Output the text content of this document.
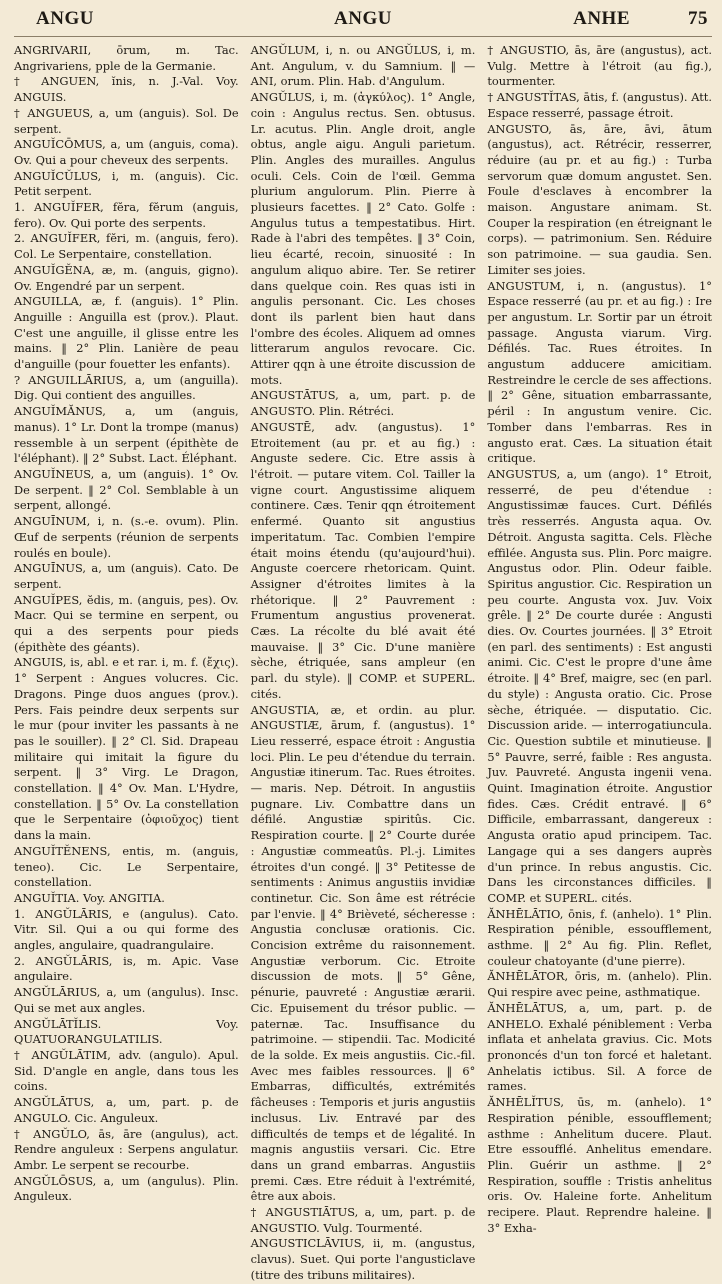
ANGU	ANGU	ANHE	75
ANGRIVARII, ōrum, m. Tac. Angrivariens, pple de la Germanie.
† ANGUEN, ĭnis, n. J.-Val. Voy. ANGUIS.
† ANGUEUS, a, um (anguis). Sol. De serpent.
ANGUĬCŌMUS, a, um (anguis, coma). Ov. Qui a pour cheveux des serpents.
ANGUĬCŬLUS, i, m. (anguis). Cic. Petit serpent.
1. ANGUĬFER, fĕra, fĕrum (anguis, fero). Ov. Qui porte des serpents.
2. ANGUĬFER, fĕri, m. (anguis, fero). Col. Le Serpentaire, constellation.
ANGUĬGĔNA, æ, m. (anguis, gigno). Ov. Engendré par un serpent.
ANGUILLA, æ, f. (anguis). 1° Plin. Anguille : Anguilla est (prov.). Plaut. C'est une anguille, il glisse entre les mains. ‖ 2° Plin. Lanière de peau d'anguille (pour fouetter les enfants).
? ANGUILLĀRIUS, a, um (anguilla). Dig. Qui contient des anguilles.
ANGUĬMĂNUS, a, um (anguis, manus). 1° Lr. Dont la trompe (manus) ressemble à un serpent (épithète de l'éléphant). ‖ 2° Subst. Lact. Éléphant.
ANGUĬNEUS, a, um (anguis). 1° Ov. De serpent. ‖ 2° Col. Semblable à un serpent, allongé.
ANGUĪNUM, i, n. (s.-e. ovum). Plin. Œuf de serpents (réunion de serpents roulés en boule).
ANGUĪNUS, a, um (anguis). Cato. De serpent.
ANGUĬPES, ĕdis, m. (anguis, pes). Ov. Macr. Qui se termine en serpent, ou qui a des serpents pour pieds (épithète des géants).
ANGUIS, is, abl. e et rar. i, m. f. (ἔχις). 1° Serpent : Angues volucres. Cic. Dragons. Pinge duos angues (prov.). Pers. Fais peindre deux serpents sur le mur (pour inviter les passants à ne pas le souiller). ‖ 2° Cl. Sid. Drapeau militaire qui imitait la figure du serpent. ‖ 3° Virg. Le Dragon, constellation. ‖ 4° Ov. Man. L'Hydre, constellation. ‖ 5° Ov. La constellation que le Serpentaire (ὀφιοῦχος) tient dans la main.
ANGUĬTĔNENS, entis, m. (anguis, teneo). Cic. Le Serpentaire, constellation.
ANGUĬTIA. Voy. ANGITIA.
1. ANGŬLĀRIS, e (angulus). Cato. Vitr. Sil. Qui a ou qui forme des angles, angulaire, quadrangulaire.
2. ANGŬLĀRIS, is, m. Apic. Vase angulaire.
ANGŬLĀRIUS, a, um (angulus). Insc. Qui se met aux angles.
ANGŬLĀTĬLIS. Voy. QUATUORANGULATILIS.
† ANGŬLĀTIM, adv. (angulo). Apul. Sid. D'angle en angle, dans tous les coins.
ANGŬLĀTUS, a, um, part. p. de ANGULO. Cic. Anguleux.
† ANGŬLO, ās, āre (angulus), act. Rendre anguleux : Serpens angulatur. Ambr. Le serpent se recourbe.
ANGŬLŌSUS, a, um (angulus). Plin. Anguleux.
ANGŬLUM, i, n. ou ANGŬLUS, i, m. Ant. Angulum, v. du Samnium. ‖ — ANI, orum. Plin. Hab. d'Angulum.
ANGŬLUS, i, m. (ἀγκύλος). 1° Angle, coin : Angulus rectus. Sen. obtusus. Lr. acutus. Plin. Angle droit, angle obtus, angle aigu. Anguli parietum. Plin. Angles des murailles. Angulus oculi. Cels. Coin de l'œil. Gemma plurium angulorum. Plin. Pierre à plusieurs facettes. ‖ 2° Cato. Golfe : Angulus tutus a tempestatibus. Hirt. Rade à l'abri des tempêtes. ‖ 3° Coin, lieu écarté, recoin, sinuosité : In angulum aliquo abire. Ter. Se retirer dans quelque coin. Res quas isti in angulis personant. Cic. Les choses dont ils parlent bien haut dans l'ombre des écoles. Aliquem ad omnes litterarum angulos revocare. Cic. Attirer qqn à une étroite discussion de mots.
ANGUSTĀTUS, a, um, part. p. de ANGUSTO. Plin. Rétréci.
ANGUSTĒ, adv. (angustus). 1° Etroitement (au pr. et au fig.) : Anguste sedere. Cic. Etre assis à l'étroit. — putare vitem. Col. Tailler la vigne court. Angustissime aliquem continere. Cæs. Tenir qqn étroitement enfermé. Quanto sit angustius imperitatum. Tac. Combien l'empire était moins étendu (qu'aujourd'hui). Anguste coercere rhetoricam. Quint. Assigner d'étroites limites à la rhétorique. ‖ 2° Pauvrement : Frumentum angustius provenerat. Cæs. La récolte du blé avait été mauvaise. ‖ 3° Cic. D'une manière sèche, étriquée, sans ampleur (en parl. du style). ‖ COMP. et SUPERL. cités.
ANGUSTIA, æ, et ordin. au plur. ANGUSTIÆ, ārum, f. (angustus). 1° Lieu resserré, espace étroit : Angustia loci. Plin. Le peu d'étendue du terrain. Angustiæ itinerum. Tac. Rues étroites. — maris. Nep. Détroit. In angustiis pugnare. Liv. Combattre dans un défilé. Angustiæ spiritûs. Cic. Respiration courte. ‖ 2° Courte durée : Angustiæ commeatûs. Pl.-j. Limites étroites d'un congé. ‖ 3° Petitesse de sentiments : Animus angustiis invidiæ continetur. Cic. Son âme est rétrécie par l'envie. ‖ 4° Brièveté, sécheresse : Angustia conclusæ orationis. Cic. Concision extrême du raisonnement. Angustiæ verborum. Cic. Etroite discussion de mots. ‖ 5° Gêne, pénurie, pauvreté : Angustiæ ærarii. Cic. Epuisement du trésor public. — paternæ. Tac. Insuffisance du patrimoine. — stipendii. Tac. Modicité de la solde. Ex meis angustiis. Cic.-fil. Avec mes faibles ressources. ‖ 6° Embarras, difficultés, extrémités fâcheuses : Temporis et juris angustiis inclusus. Liv. Entravé par des difficultés de temps et de légalité. In magnis angustiis versari. Cic. Etre dans un grand embarras. Angustiis premi. Cæs. Etre réduit à l'extrémité, être aux abois.
† ANGUSTIĀTUS, a, um, part. p. de ANGUSTIO. Vulg. Tourmenté.
ANGUSTICLĀVIUS, ii, m. (angustus, clavus). Suet. Qui porte l'angusticlave (titre des tribuns militaires).
† ANGUSTIO, ās, āre (angustus), act. Vulg. Mettre à l'étroit (au fig.), tourmenter.
† ANGUSTĬTAS, ātis, f. (angustus). Att. Espace resserré, passage étroit.
ANGUSTO, ās, āre, āvi, ātum (angustus), act. Rétrécir, resserrer, réduire (au pr. et au fig.) : Turba servorum quæ domum angustet. Sen. Foule d'esclaves à encombrer la maison. Angustare animam. St. Couper la respiration (en étreignant le corps). — patrimonium. Sen. Réduire son patrimoine. — sua gaudia. Sen. Limiter ses joies.
ANGUSTUM, i, n. (angustus). 1° Espace resserré (au pr. et au fig.) : Ire per angustum. Lr. Sortir par un étroit passage. Angusta viarum. Virg. Défilés. Tac. Rues étroites. In angustum adducere amicitiam. Restreindre le cercle de ses affections. ‖ 2° Gêne, situation embarrassante, péril : In angustum venire. Cic. Tomber dans l'embarras. Res in angusto erat. Cæs. La situation était critique.
ANGUSTUS, a, um (ango). 1° Etroit, resserré, de peu d'étendue : Angustissimæ fauces. Curt. Défilés très resserrés. Angusta aqua. Ov. Détroit. Angusta sagitta. Cels. Flèche effilée. Angusta sus. Plin. Porc maigre. Angustus odor. Plin. Odeur faible. Spiritus angustior. Cic. Respiration un peu courte. Angusta vox. Juv. Voix grêle. ‖ 2° De courte durée : Angusti dies. Ov. Courtes journées. ‖ 3° Etroit (en parl. des sentiments) : Est angusti animi. Cic. C'est le propre d'une âme étroite. ‖ 4° Bref, maigre, sec (en parl. du style) : Angusta oratio. Cic. Prose sèche, étriquée. — disputatio. Cic. Discussion aride. — interrogatiuncula. Cic. Question subtile et minutieuse. ‖ 5° Pauvre, serré, faible : Res angusta. Juv. Pauvreté. Angusta ingenii vena. Quint. Imagination étroite. Angustior fides. Cæs. Crédit entravé. ‖ 6° Difficile, embarrassant, dangereux : Angusta oratio apud principem. Tac. Langage qui a ses dangers auprès d'un prince. In rebus angustis. Cic. Dans les circonstances difficiles. ‖ COMP. et SUPERL. cités.
ĂNHĒLĀTIO, ōnis, f. (anhelo). 1° Plin. Respiration pénible, essoufflement, asthme. ‖ 2° Au fig. Plin. Reflet, couleur chatoyante (d'une pierre).
ĂNHĒLĀTOR, ōris, m. (anhelo). Plin. Qui respire avec peine, asthmatique.
ĂNHĒLĀTUS, a, um, part. p. de ANHELO. Exhalé péniblement : Verba inflata et anhelata gravius. Cic. Mots prononcés d'un ton forcé et haletant. Anhelatis ictibus. Sil. A force de rames.
ĂNHĒLĬTUS, ūs, m. (anhelo). 1° Respiration pénible, essoufflement; asthme : Anhelitum ducere. Plaut. Etre essoufflé. Anhelitus emendare. Plin. Guérir un asthme. ‖ 2° Respiration, souffle : Tristis anhelitus oris. Ov. Haleine forte. Anhelitum recipere. Plaut. Reprendre haleine. ‖ 3° Exha-
